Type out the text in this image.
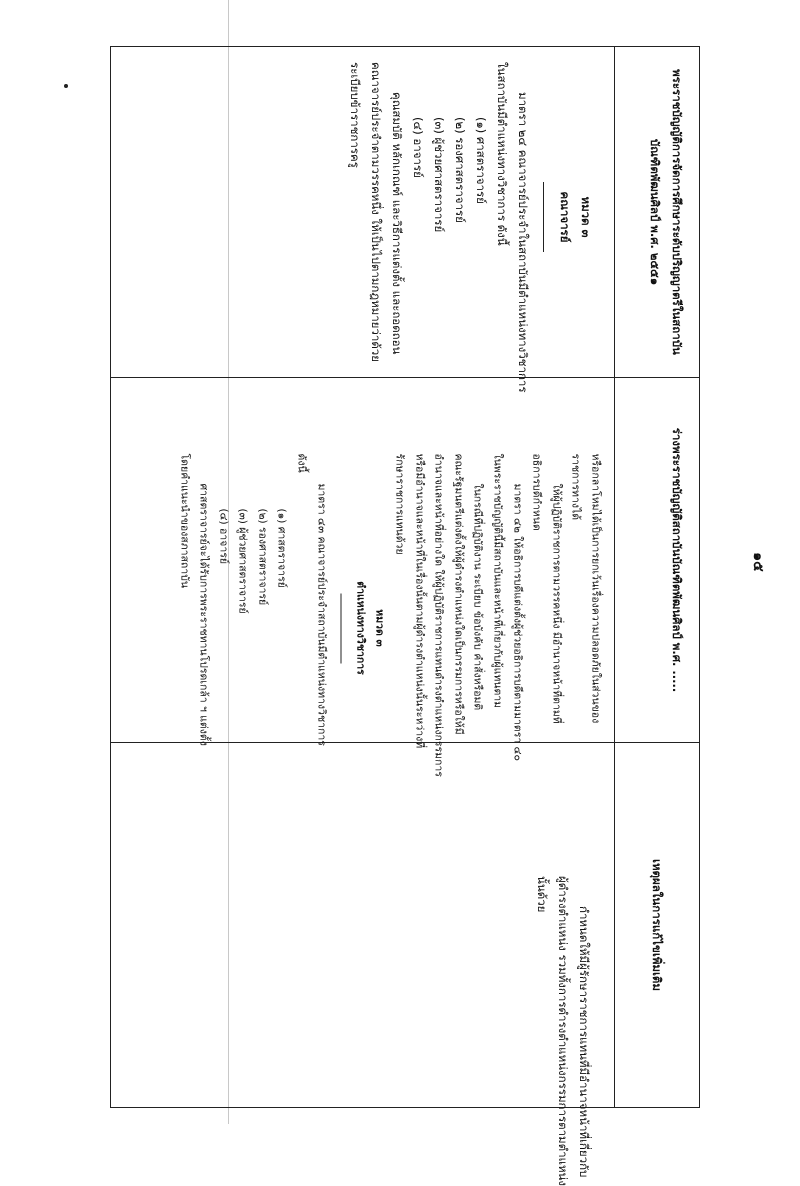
๑๕

พระราชบัญญัติการจัดการศึกษาระดับปริญญาตรีในสถาบันบัณฑิตพัฒนศิลป์ พ.ศ. ๒๕๕๑

ร่างพระราชบัญญัติสถาบันบัณฑิตพัฒนศิลป์ พ.ศ. .....

เหตุผลในการแก้ไขเพิ่มเติม

หมวด ๓

คณาจารย์

มาตรา ๒๔ คณาจารย์ประจำในสถาบันมีตำแหน่งทางวิชาการ

ในสถาบันมีตำแหน่งทางวิชาการ ดังนี้

(๑) ศาสตราจารย์

(๒) รองศาสตราจารย์

(๓) ผู้ช่วยศาสตราจารย์

(๔) อาจารย์

คุณสมบัติ หลักเกณฑ์ และวิธีการแต่งตั้ง และถอดถอน

คณาจารย์ประจำตามวรรคหนึ่ง ให้เป็นไปตามกฎหมายว่าด้วย

ระเบียบข้าราชการครู

หรือกลาโหมได้เป็นการยกเว้นเรื่องความปลอดภัยในส่วนของ

ราชการทางได้

ให้ผู้ปฏิบัติราชการตามวรรคหนึ่ง มีอำนาจหน้าที่ตามที่

อธิการบดีกำหนด

มาตรา ๔๒ ให้อธิการบดีแต่งตั้งผู้ช่วยอธิการบดีตามมาตรา ๔๐

ในพระราชบัญญัตินี้มีสถาบันและหน้าที่เกี่ยวกับผู้แทนตาม

ในกรณีที่ปฏิบัติงาน ระเบียบ ข้อบังคับ คำสั่งหรือมติ

คณะรัฐมนตรีแต่งตั้งให้ผู้ดำรงตำแหน่งใดเป็นกรรมการหรือให้มี

อำนาจและหน้าที่อย่างใด ให้ผู้ปฏิบัติราชการแทนดำรงตำแหน่งกรรมการ

หรือมีอำนาจและหน้าที่ในเรื่องนั้นตามผู้ดำรงตำแหน่งนั้นระหว่างที่

รักษาราชการแทนด้วย

หมวด ๓

ตำแหน่งทางวิชาการ

มาตรา ๔๓ คณาจารย์ประจำสถาบันมีตำแหน่งทางวิชาการ

ดังนี้

(๑) ศาสตราจารย์

(๒) รองศาสตราจารย์

(๓) ผู้ช่วยศาสตราจารย์

(๔) อาจารย์

ศาสตราจารย์จะได้รับการพระราชทานโปรดเกล้า ฯ แต่งตั้ง

โดยคำแนะนำของสภาสถาบัน

กำหนดให้มีผู้รักษาราชการแทนที่มีอำนาจหน้าที่เกี่ยวกับ

ผู้ดำรงตำแหน่ง รวมทั้งการดำรงตำแหน่งกรรมการตามตำแหน่ง

นั้นด้วย
